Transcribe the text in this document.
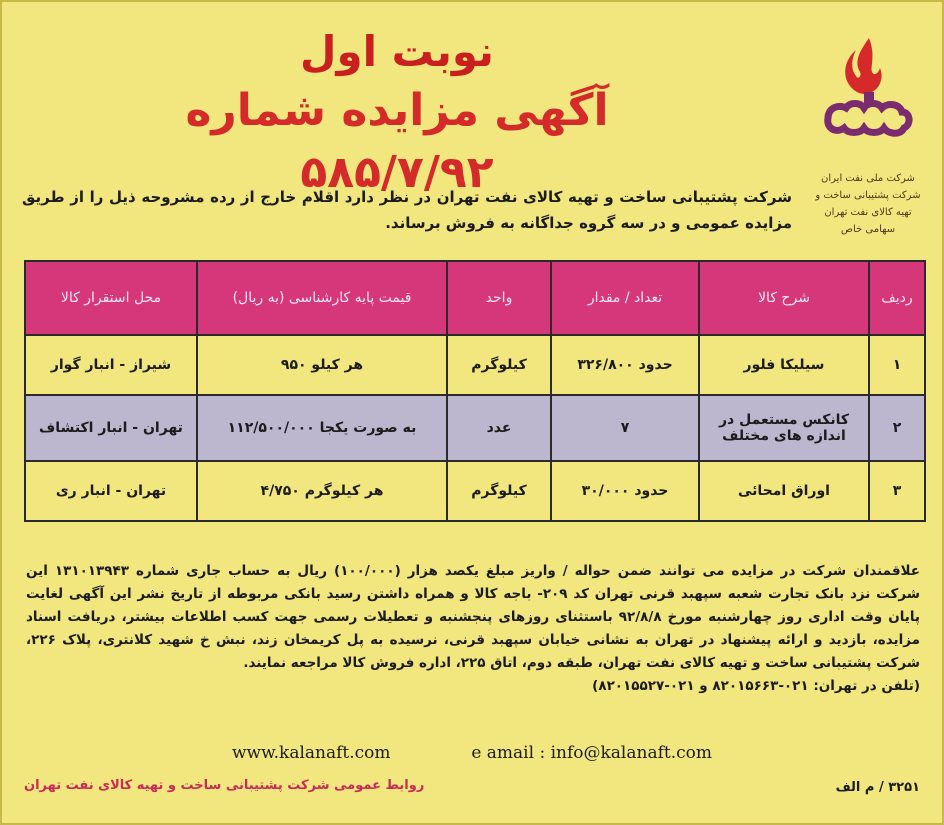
شرکت ملی نفت ایران
شرکت پشتیبانی ساخت و
تهیه کالای نفت تهران
سهامی خاص
نوبت اول
آگهی مزایده شماره ۵۸۵/۷/۹۲
شرکت پشتیبانی ساخت و تهیه کالای نفت تهران در نظر دارد اقلام خارج از رده مشروحه ذیل را از طریق مزایده عمومی و در سه گروه جداگانه به فروش برساند.
ردیف	شرح کالا	تعداد / مقدار	واحد	قیمت پایه کارشناسی (به ریال)	محل استقرار کالا
۱	سیلیکا فلور	حدود ۳۲۶/۸۰۰	کیلوگرم	هر کیلو ۹۵۰	شیراز - انبار گوار
۲	کانکس مستعمل در اندازه های مختلف	۷	عدد	به صورت یکجا ۱۱۲/۵۰۰/۰۰۰	تهران - انبار اکتشاف
۳	اوراق امحائی	حدود ۳۰/۰۰۰	کیلوگرم	هر کیلوگرم ۴/۷۵۰	تهران - انبار ری

علاقمندان شرکت در مزایده می توانند ضمن حواله / واریز مبلغ یکصد هزار (۱۰۰/۰۰۰) ریال به حساب جاری شماره ۱۳۱۰۱۳۹۴۳ این شرکت نزد بانک تجارت شعبه سپهبد قرنی تهران کد ۲۰۹- باجه کالا و همراه داشتن رسید بانکی مربوطه از تاریخ نشر این آگهی لغایت پایان وقت اداری روز چهارشنبه مورخ ۹۲/۸/۸ باستثنای روزهای پنجشنبه و تعطیلات رسمی جهت کسب اطلاعات بیشتر، دریافت اسناد مزایده، بازدید و ارائه پیشنهاد در تهران به نشانی خیابان سپهبد قرنی، نرسیده به پل کریمخان زند، نبش خ شهید کلانتری، پلاک ۲۲۶، شرکت پشتیبانی ساخت و تهیه کالای نفت تهران، طبقه دوم، اتاق ۲۲۵، اداره فروش کالا مراجعه نمایند.

(تلفن در تهران: ۰۲۱-۸۲۰۱۵۶۶۳ و ۰۲۱-۸۲۰۱۵۵۲۷)

www.kalanaft.com	e amail : info@kalanaft.com
روابط عمومی شرکت پشتیبانی ساخت و تهیه کالای نفت تهران	۳۲۵۱ / م الف
